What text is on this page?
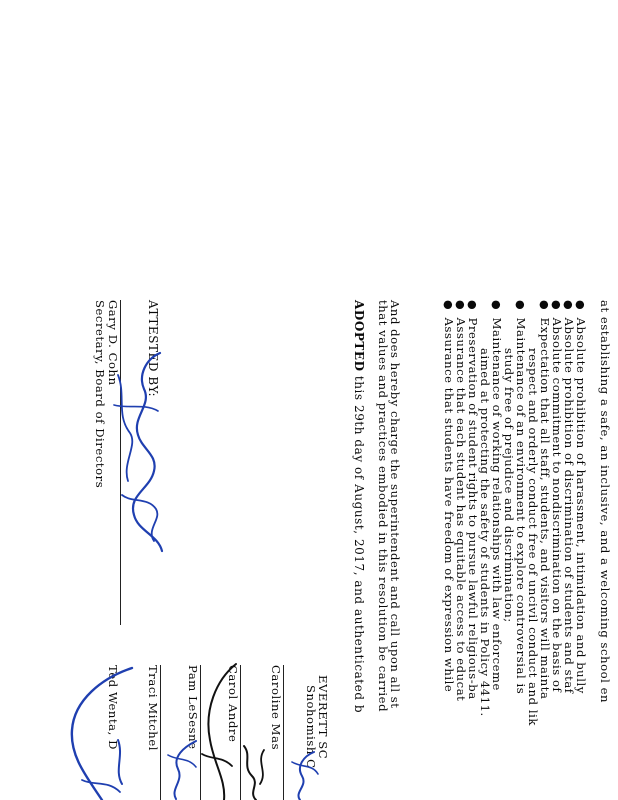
at establishing a safe, an inclusive, and a welcoming school en
●Absolute prohibition of harassment, intimidation and bully
●Absolute prohibition of discrimination of students and staf
●Absolute commitment to nondiscrimination on the basis of
●Expectation that all staff, students, and visitors will mainta
respect and orderly conduct free of uncivil conduct and lik
●Maintenance of an environment to explore controversial is
study free of prejudice and discrimination;
●Maintenance of working relationships with law enforceme
aimed at protecting the safety of students in Policy 4411.
●Preservation of student rights to pursue lawful religious-ba
●Assurance that each student has equitable access to educat
●Assurance that students have freedom of expression while
And does hereby charge the superintendent and call upon all st
that values and practices embodied in this resolution be carried
ADOPTED this 29th day of August, 2017, and authenticated b
ATTESTED BY:
Gary D. Cohn
Secretary, Board of Directors
EVERETT SC
Snohomish C
Caroline Mas
Carol Andre
Pam LeSesne
Traci Mitchel
Ted Wenta, D
